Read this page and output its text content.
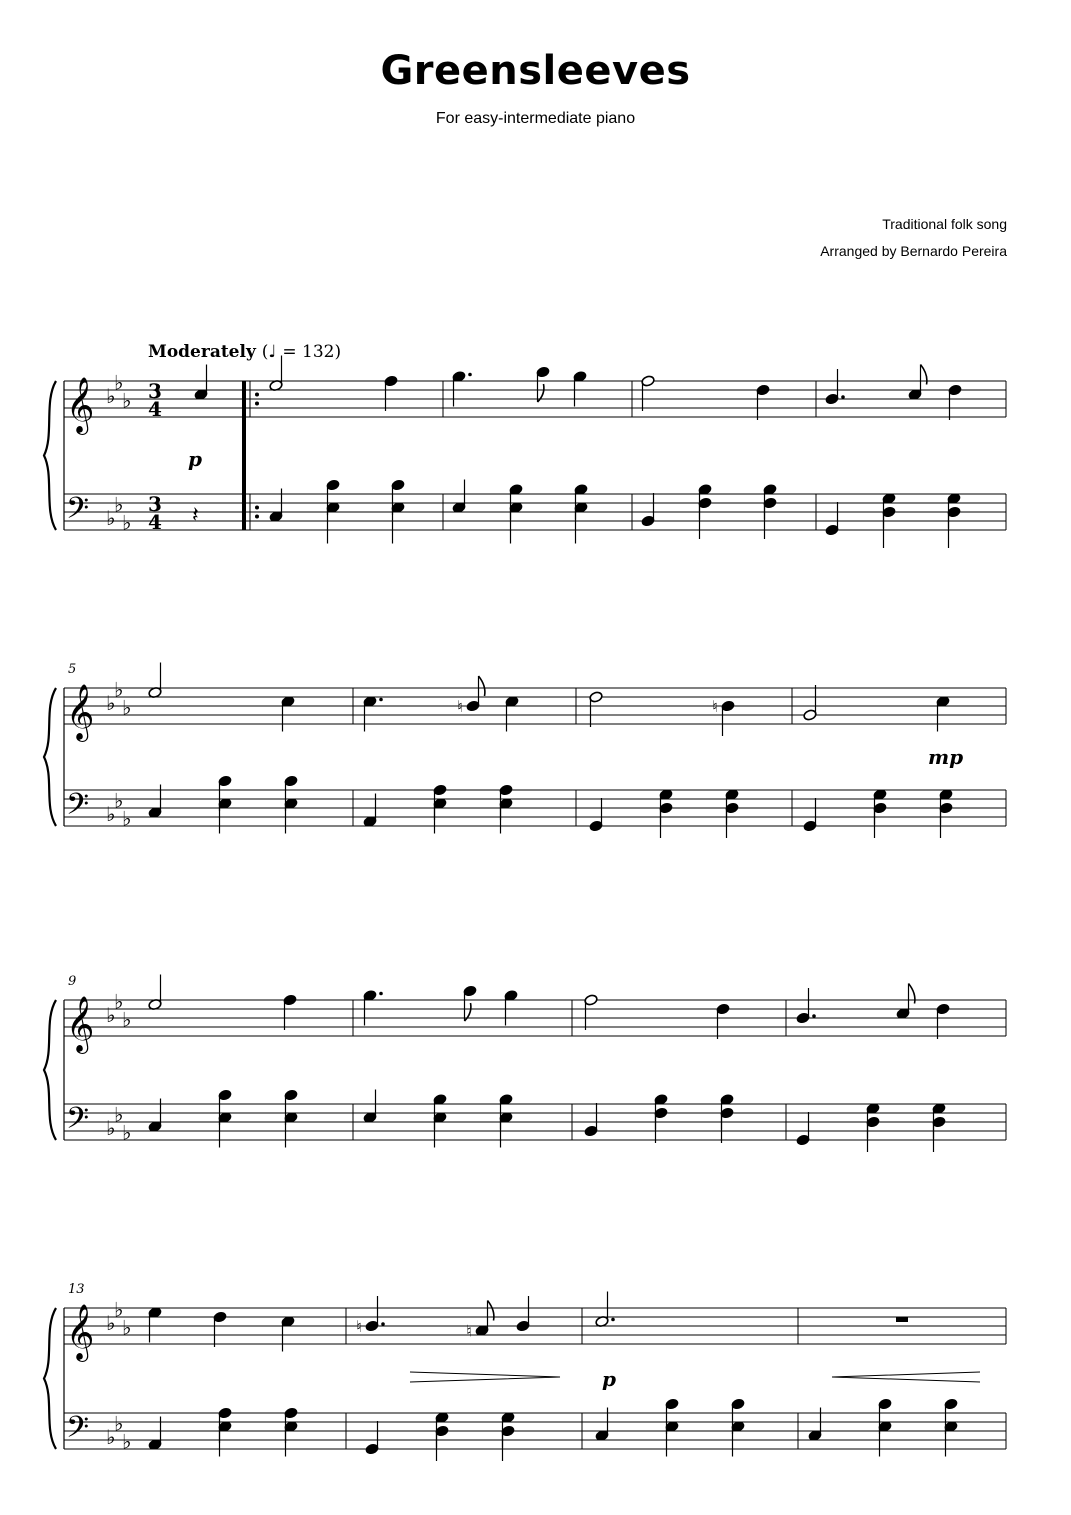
Greensleeves
For easy-intermediate piano
Traditional folk song
Arranged by Bernardo Pereira
Moderately (♩ = 132)
𝄞
𝄢
♭
♭
♭
♭
♭
♭
3
4
3
4 𝄽
p
𝄞
𝄢
♭
♭
♭
♭
♭
♭
5
♮	♮
mp
𝄞
𝄢
♭
♭
♭
♭
♭
♭
9
𝄞
𝄢
♭
♭
♭
♭
♭
♭
13
♮	♮
p
